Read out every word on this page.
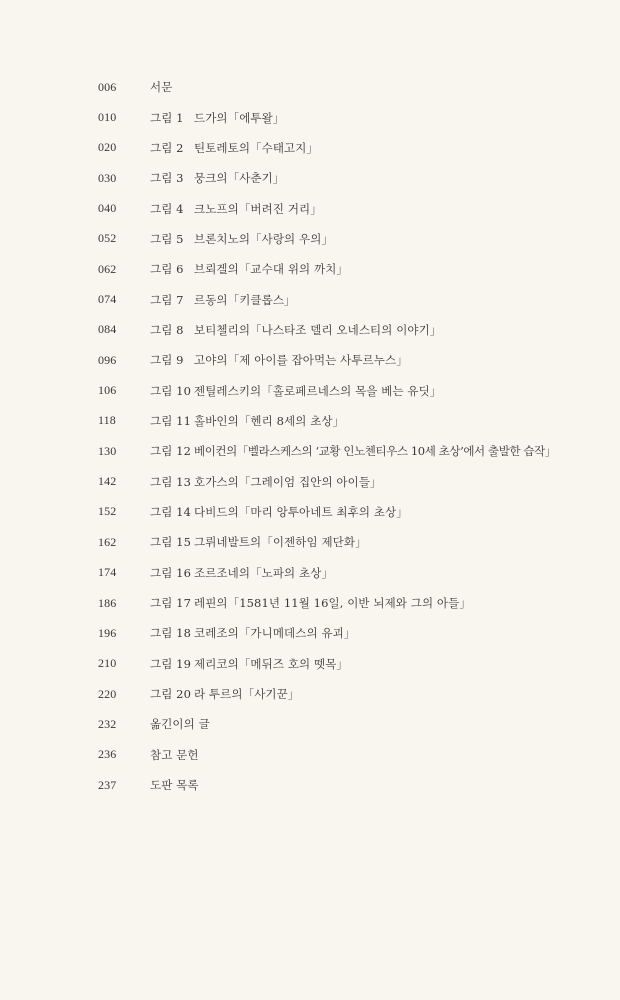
006	서문
010	그림 1 드가의「에투왈」
020	그림 2 틴토레토의「수태고지」
030	그림 3 뭉크의「사춘기」
040	그림 4 크노프의「버려진 거리」
052	그림 5 브론치노의「사랑의 우의」
062	그림 6 브뢰겔의「교수대 위의 까치」
074	그림 7 르동의「키클롭스」
084	그림 8 보티첼리의「나스타조 델리 오네스티의 이야기」
096	그림 9 고야의「제 아이를 잡아먹는 사투르누스」
106	그림 10 젠틸레스키의「홀로페르네스의 목을 베는 유딧」
118	그림 11 홀바인의「헨리 8세의 초상」
130	그림 12 베이컨의「벨라스케스의 ‘교황 인노첸티우스 10세 초상’에서 출발한 습작」
142	그림 13 호가스의「그레이엄 집안의 아이들」
152	그림 14 다비드의「마리 앙투아네트 최후의 초상」
162	그림 15 그뤼네발트의「이젠하임 제단화」
174	그림 16 조르조네의「노파의 초상」
186	그림 17 레핀의「1581년 11월 16일, 이반 뇌제와 그의 아들」
196	그림 18 코레조의「가니메데스의 유괴」
210	그림 19 제리코의「메뒤즈 호의 뗏목」
220	그림 20 라 투르의「사기꾼」
232	옮긴이의 글
236	참고 문헌
237	도판 목록
